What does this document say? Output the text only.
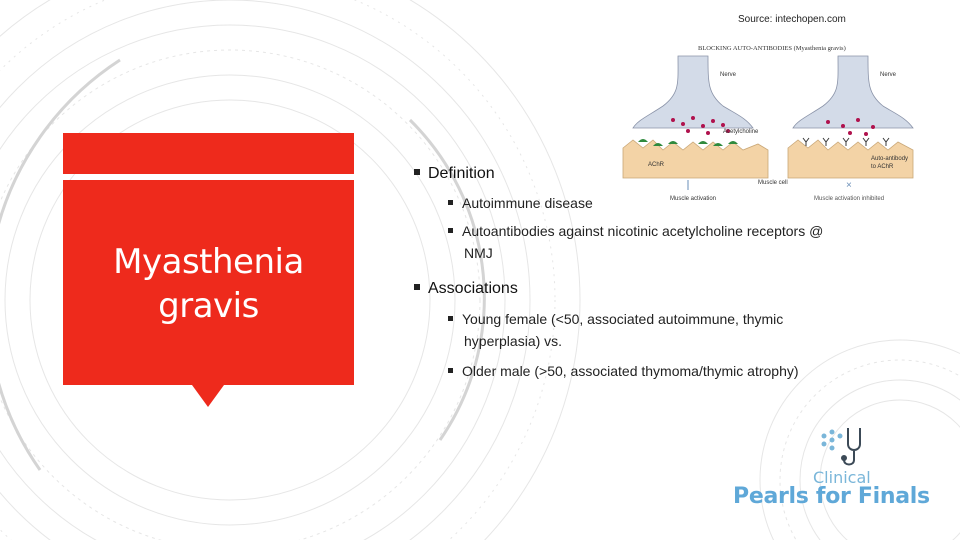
Myasthenia
gravis
Source: intechopen.com
BLOCKING AUTO-ANTIBODIES (Myasthenia gravis)
Nerve	Nerve
Acetylcholine
AChR
Muscle cell
Auto-antibody
to AChR
Muscle activation
×
Muscle activation inhibited
Definition
Autoimmune disease
Autoantibodies against nicotinic acetylcholine receptors @
NMJ
Associations
Young female (<50, associated autoimmune, thymic
hyperplasia) vs.
Older male (>50, associated thymoma/thymic atrophy)
Clinical
Pearls for Finals
